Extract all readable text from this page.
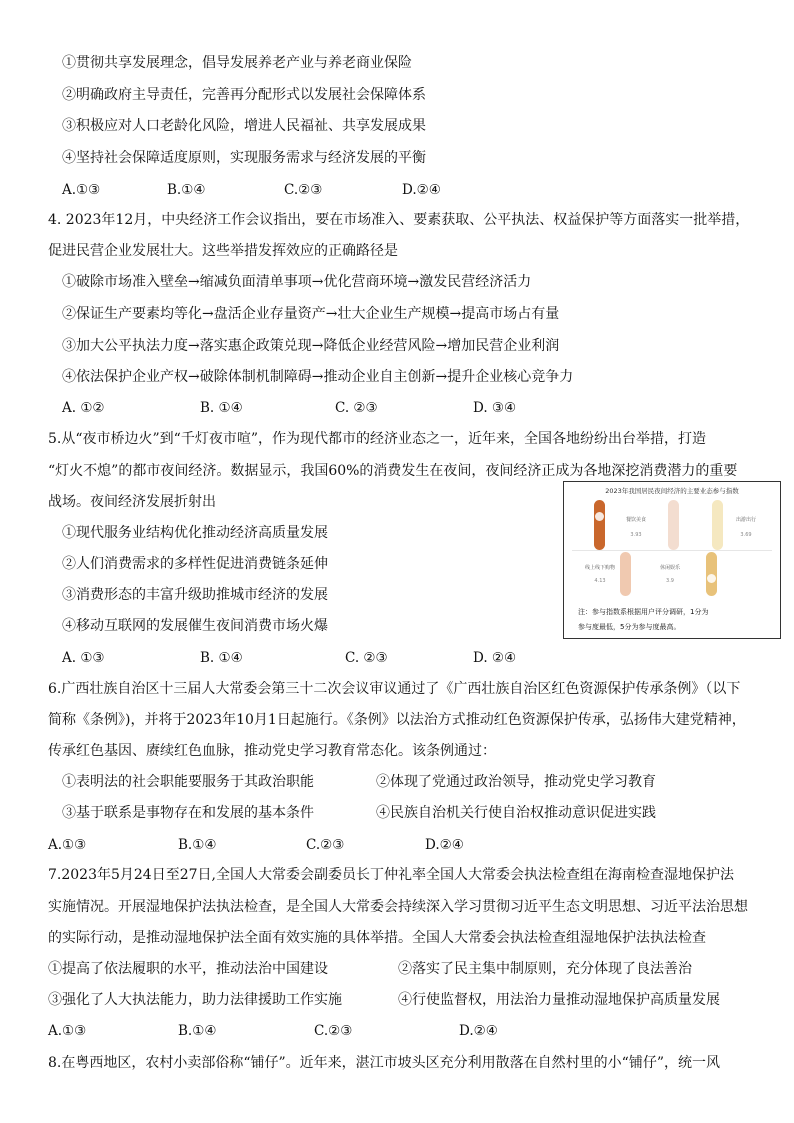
①贯彻共享发展理念，倡导发展养老产业与养老商业保险
②明确政府主导责任，完善再分配形式以发展社会保障体系
③积极应对人口老龄化风险，增进人民福祉、共享发展成果
④坚持社会保障适度原则，实现服务需求与经济发展的平衡
A.①③	B.①④	C.②③	D.②④
4. 2023年12月，中央经济工作会议指出，要在市场准入、要素获取、公平执法、权益保护等方面落实一批举措，
促进民营企业发展壮大。这些举措发挥效应的正确路径是
①破除市场准入壁垒→缩减负面清单事项→优化营商环境→激发民营经济活力
②保证生产要素均等化→盘活企业存量资产→壮大企业生产规模→提高市场占有量
③加大公平执法力度→落实惠企政策兑现→降低企业经营风险→增加民营企业利润
④依法保护企业产权→破除体制机制障碍→推动企业自主创新→提升企业核心竞争力
A. ①②	B. ①④	C. ②③	D. ③④
5.从“夜市桥边火”到“千灯夜市喧”，作为现代都市的经济业态之一，近年来，全国各地纷纷出台举措，打造
“灯火不熄”的都市夜间经济。数据显示，我国60%的消费发生在夜间，夜间经济正成为各地深挖消费潜力的重要
战场。夜间经济发展折射出
①现代服务业结构优化推动经济高质量发展
②人们消费需求的多样性促进消费链条延伸
③消费形态的丰富升级助推城市经济的发展
④移动互联网的发展催生夜间消费市场火爆
A. ①③	B. ①④	C. ②③	D. ②④
2023年我国居民夜间经济的主要业态参与指数
餐饮美食
3.93
出游出行
3.69
线上线下购物
4.13
休闲娱乐
3.9
注：参与指数系根据用户评分调研，1分为
参与度最低，5分为参与度最高。
6.广西壮族自治区十三届人大常委会第三十二次会议审议通过了《广西壮族自治区红色资源保护传承条例》（以下
简称《条例》)，并将于2023年10月1日起施行。《条例》以法治方式推动红色资源保护传承，弘扬伟大建党精神，
传承红色基因、赓续红色血脉，推动党史学习教育常态化。该条例通过：
①表明法的社会职能要服务于其政治职能	②体现了党通过政治领导，推动党史学习教育
③基于联系是事物存在和发展的基本条件	④民族自治机关行使自治权推动意识促进实践
A.①③	B.①④	C.②③	D.②④
7.2023年5月24日至27日,全国人大常委会副委员长丁仲礼率全国人大常委会执法检查组在海南检查湿地保护法
实施情况。开展湿地保护法执法检查，是全国人大常委会持续深入学习贯彻习近平生态文明思想、习近平法治思想
的实际行动，是推动湿地保护法全面有效实施的具体举措。全国人大常委会执法检查组湿地保护法执法检查
①提高了依法履职的水平，推动法治中国建设	②落实了民主集中制原则，充分体现了良法善治
③强化了人大执法能力，助力法律援助工作实施	④行使监督权，用法治力量推动湿地保护高质量发展
A.①③	B.①④	C.②③	D.②④
8.在粤西地区，农村小卖部俗称“铺仔”。近年来，湛江市坡头区充分利用散落在自然村里的小“铺仔”，统一风
